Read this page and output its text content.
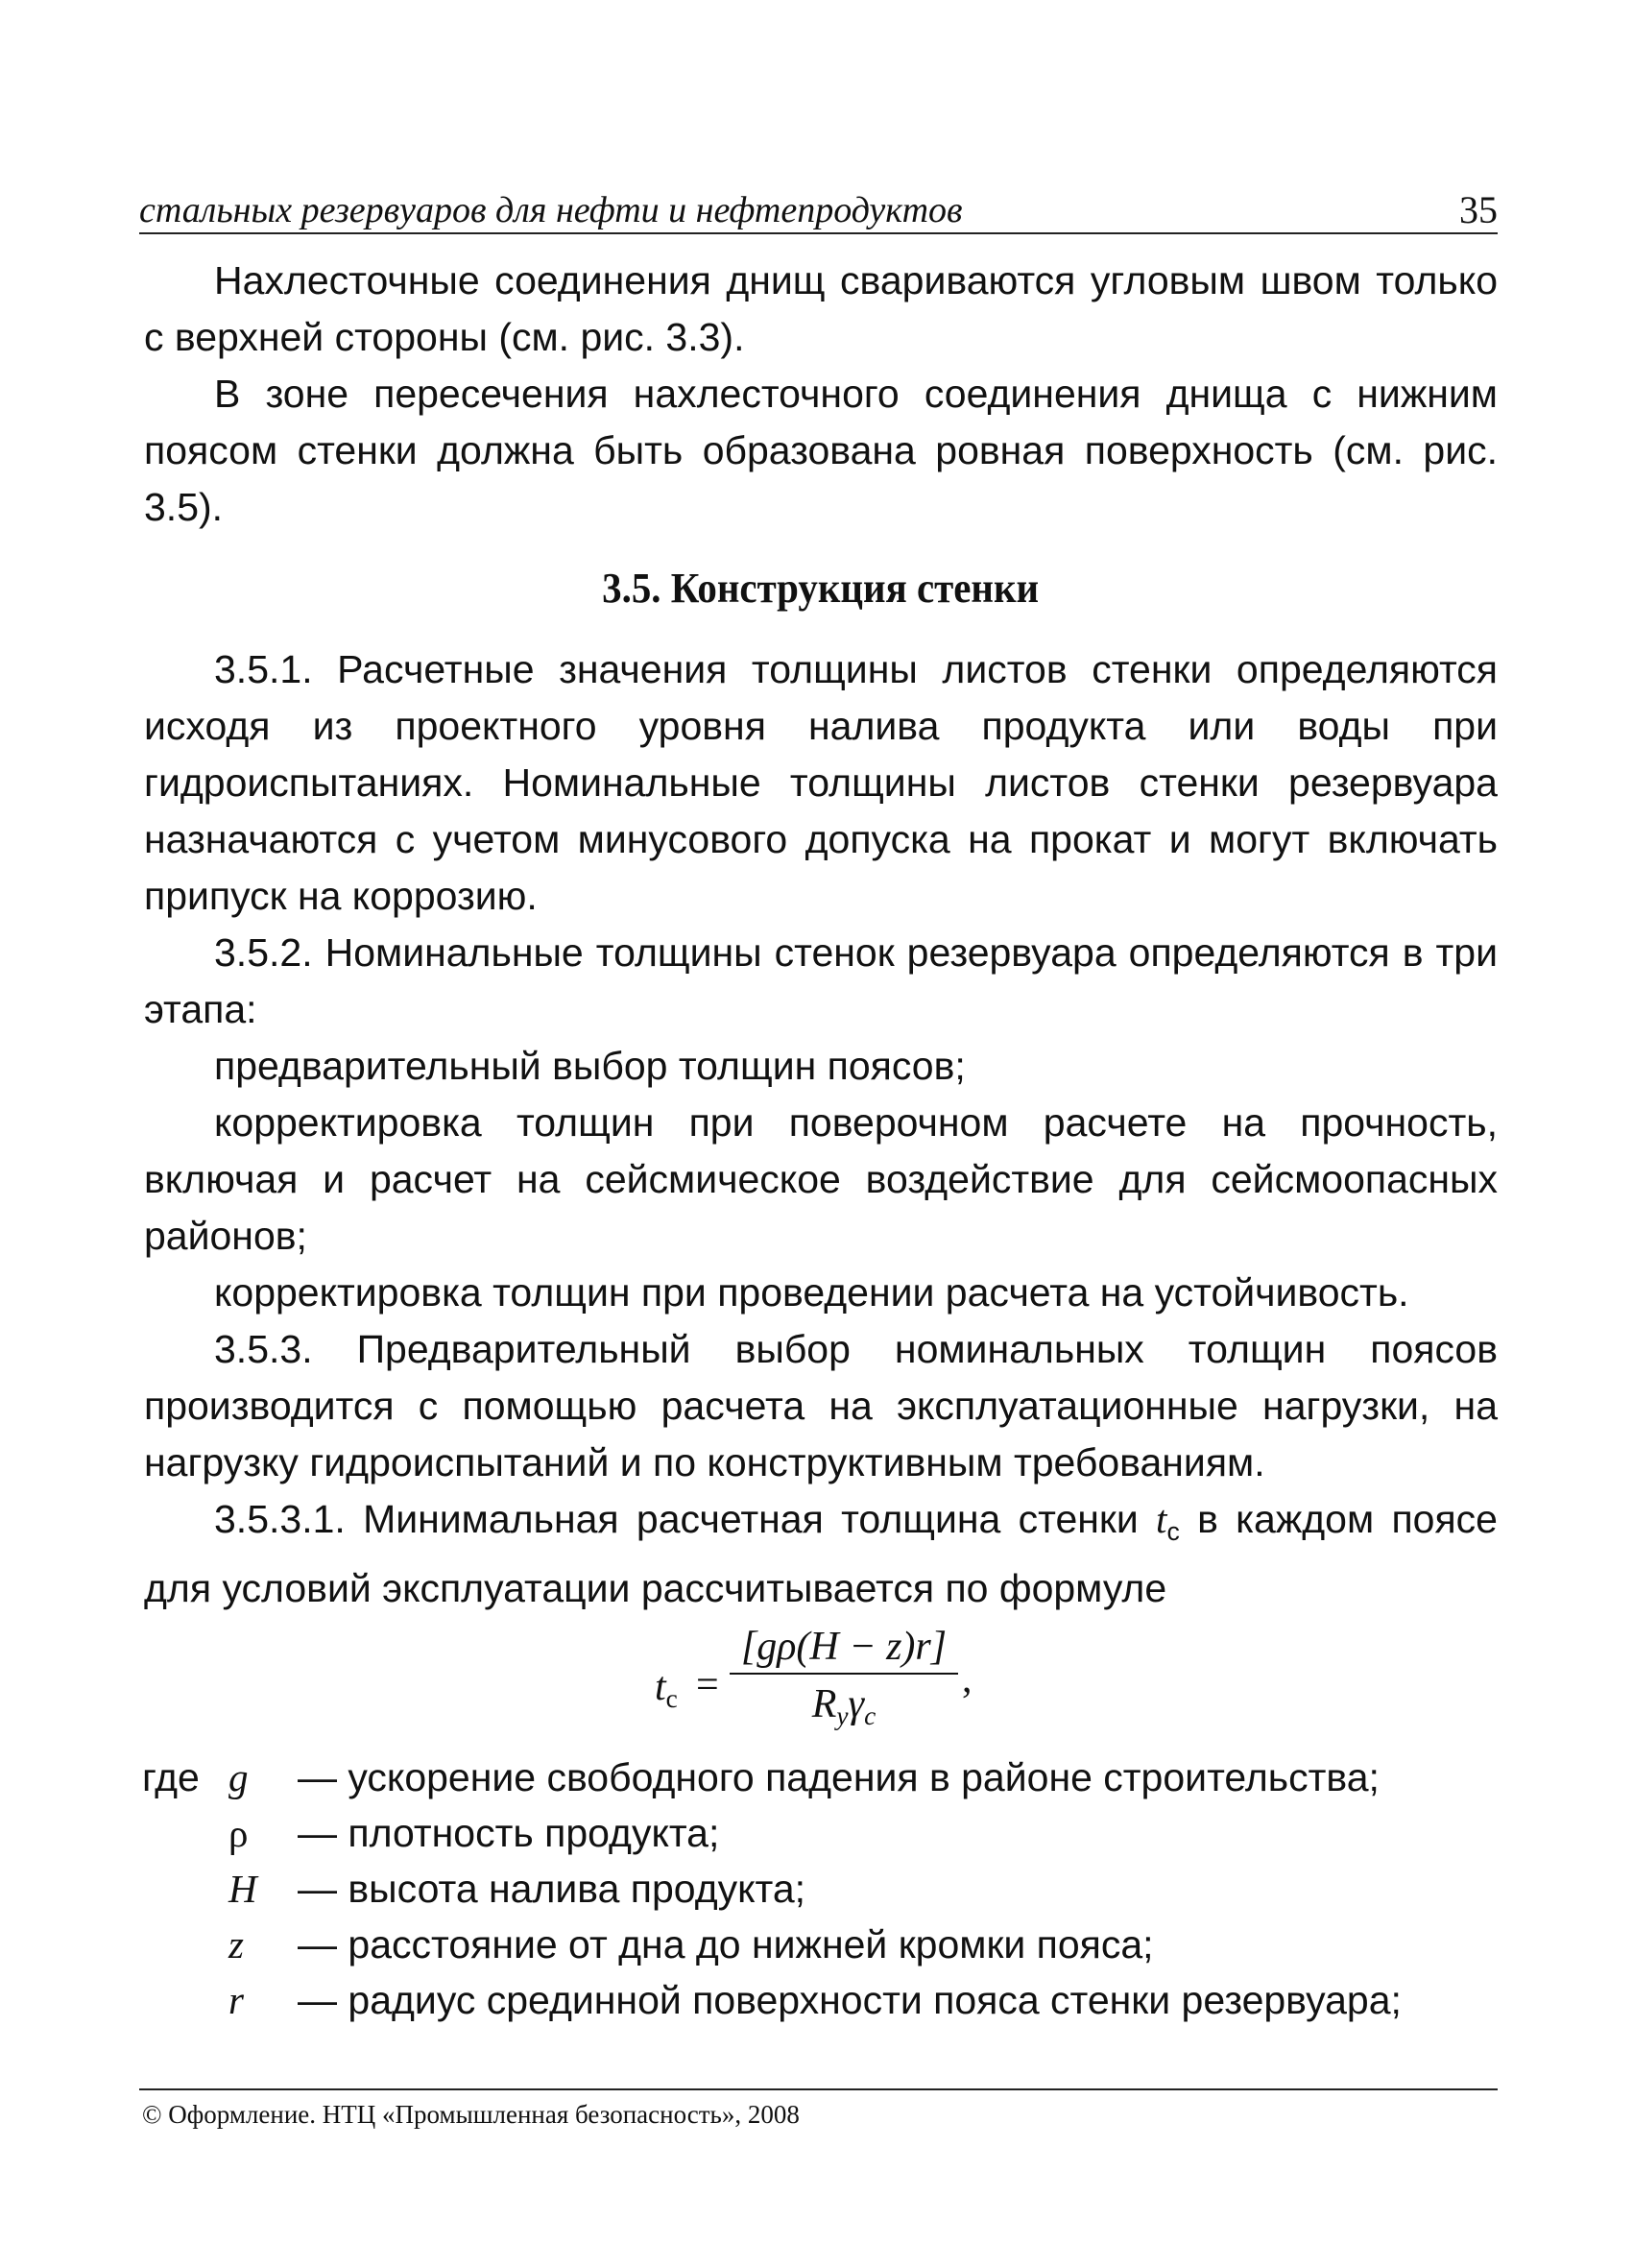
стальных резервуаров для нефти и нефтепродуктов	35

Нахлесточные соединения днищ свариваются угловым швом только с верхней стороны (см. рис. 3.3).

В зоне пересечения нахлесточного соединения днища с нижним поясом стенки должна быть образована ровная поверхность (см. рис. 3.5).

3.5. Конструкция стенки

3.5.1. Расчетные значения толщины листов стенки определяются исходя из проектного уровня налива продукта или воды при гидроиспытаниях. Номинальные толщины листов стенки резервуара назначаются с учетом минусового допуска на прокат и могут включать припуск на коррозию.

3.5.2. Номинальные толщины стенок резервуара определяются в три этапа:

предварительный выбор толщин поясов;

корректировка толщин при поверочном расчете на прочность, включая и расчет на сейсмическое воздействие для сейсмоопасных районов;

корректировка толщин при проведении расчета на устойчивость.

3.5.3. Предварительный выбор номинальных толщин поясов производится с помощью расчета на эксплуатационные нагрузки, на нагрузку гидроиспытаний и по конструктивным требованиям.

3.5.3.1. Минимальная расчетная толщина стенки $t_c$ в каждом поясе для условий эксплуатации рассчитывается по формуле

$t_c$ =
[gρ(H − z)r]
$R_y\gamma_c$
,
где g	— ускорение свободного падения в районе строительства;
ρ	— плотность продукта;
H	— высота налива продукта;
z	— расстояние от дна до нижней кромки пояса;
r	— радиус срединной поверхности пояса стенки резервуара;
© Оформление. НТЦ «Промышленная безопасность», 2008
